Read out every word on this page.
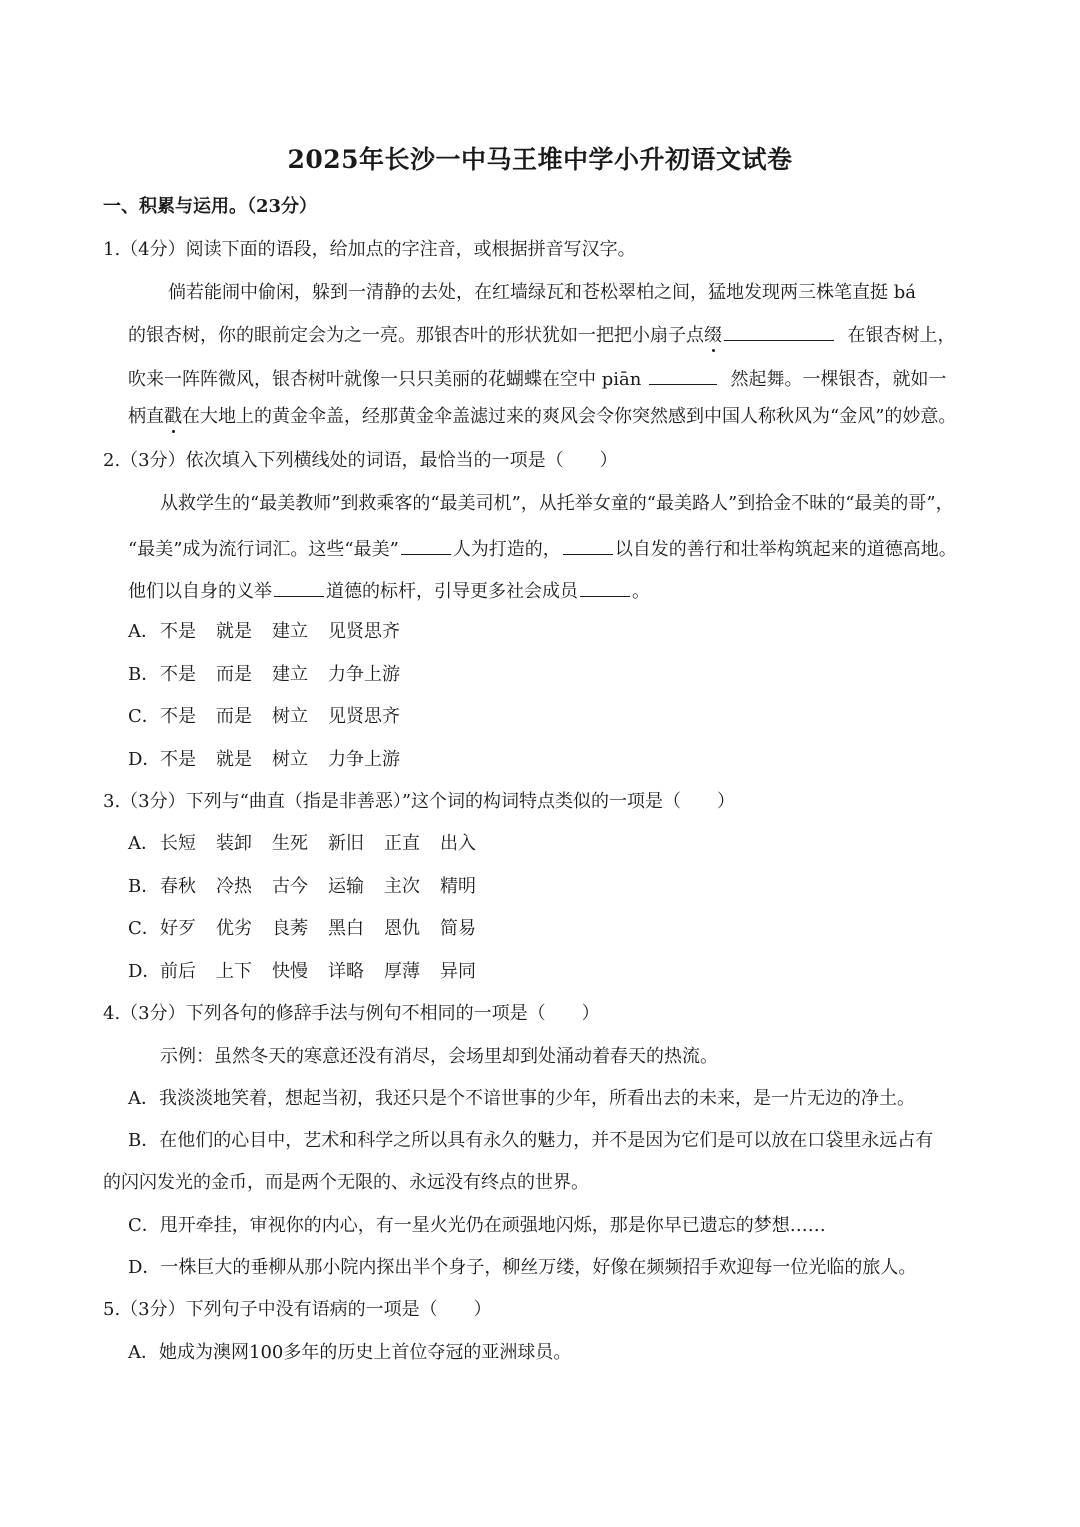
2025年长沙一中马王堆中学小升初语文试卷
一、积累与运用。（23分）
1.（4分）阅读下面的语段，给加点的字注音，或根据拼音写汉字。
倘若能闹中偷闲，躲到一清静的去处，在红墙绿瓦和苍松翠柏之间，猛地发现两三株笔直挺 bá
的银杏树，你的眼前定会为之一亮。那银杏叶的形状犹如一把把小扇子点缀	在银杏树上，
吹来一阵阵微风，银杏树叶就像一只只美丽的花蝴蝶在空中 piān	然起舞。一棵银杏，就如一
柄直戳在大地上的黄金伞盖，经那黄金伞盖滤过来的爽风会令你突然感到中国人称秋风为“金风”的妙意。
2.（3分）依次填入下列横线处的词语，最恰当的一项是（　　）
从救学生的“最美教师”到救乘客的“最美司机”，从托举女童的“最美路人”到拾金不昧的“最美的哥”，
“最美”成为流行词汇。这些“最美”	人为打造的，	以自发的善行和壮举构筑起来的道德高地。
他们以自身的义举	道德的标杆，引导更多社会成员	。
A．不是 就是 建立 见贤思齐
B．不是 而是 建立 力争上游
C．不是 而是 树立 见贤思齐
D．不是 就是 树立 力争上游
3.（3分）下列与“曲直（指是非善恶）”这个词的构词特点类似的一项是（　　）
A．长短 装卸 生死 新旧 正直 出入
B．春秋 冷热 古今 运输 主次 精明
C．好歹 优劣 良莠 黑白 恩仇 简易
D．前后 上下 快慢 详略 厚薄 异同
4.（3分）下列各句的修辞手法与例句不相同的一项是（　　）
示例：虽然冬天的寒意还没有消尽，会场里却到处涌动着春天的热流。
A．我淡淡地笑着，想起当初，我还只是个不谙世事的少年，所看出去的未来，是一片无边的净土。
B．在他们的心目中，艺术和科学之所以具有永久的魅力，并不是因为它们是可以放在口袋里永远占有
的闪闪发光的金币，而是两个无限的、永远没有终点的世界。
C．甩开牵挂，审视你的内心，有一星火光仍在顽强地闪烁，那是你早已遗忘的梦想……
D．一株巨大的垂柳从那小院内探出半个身子，柳丝万缕，好像在频频招手欢迎每一位光临的旅人。
5.（3分）下列句子中没有语病的一项是（　　）
A．她成为澳网100多年的历史上首位夺冠的亚洲球员。
